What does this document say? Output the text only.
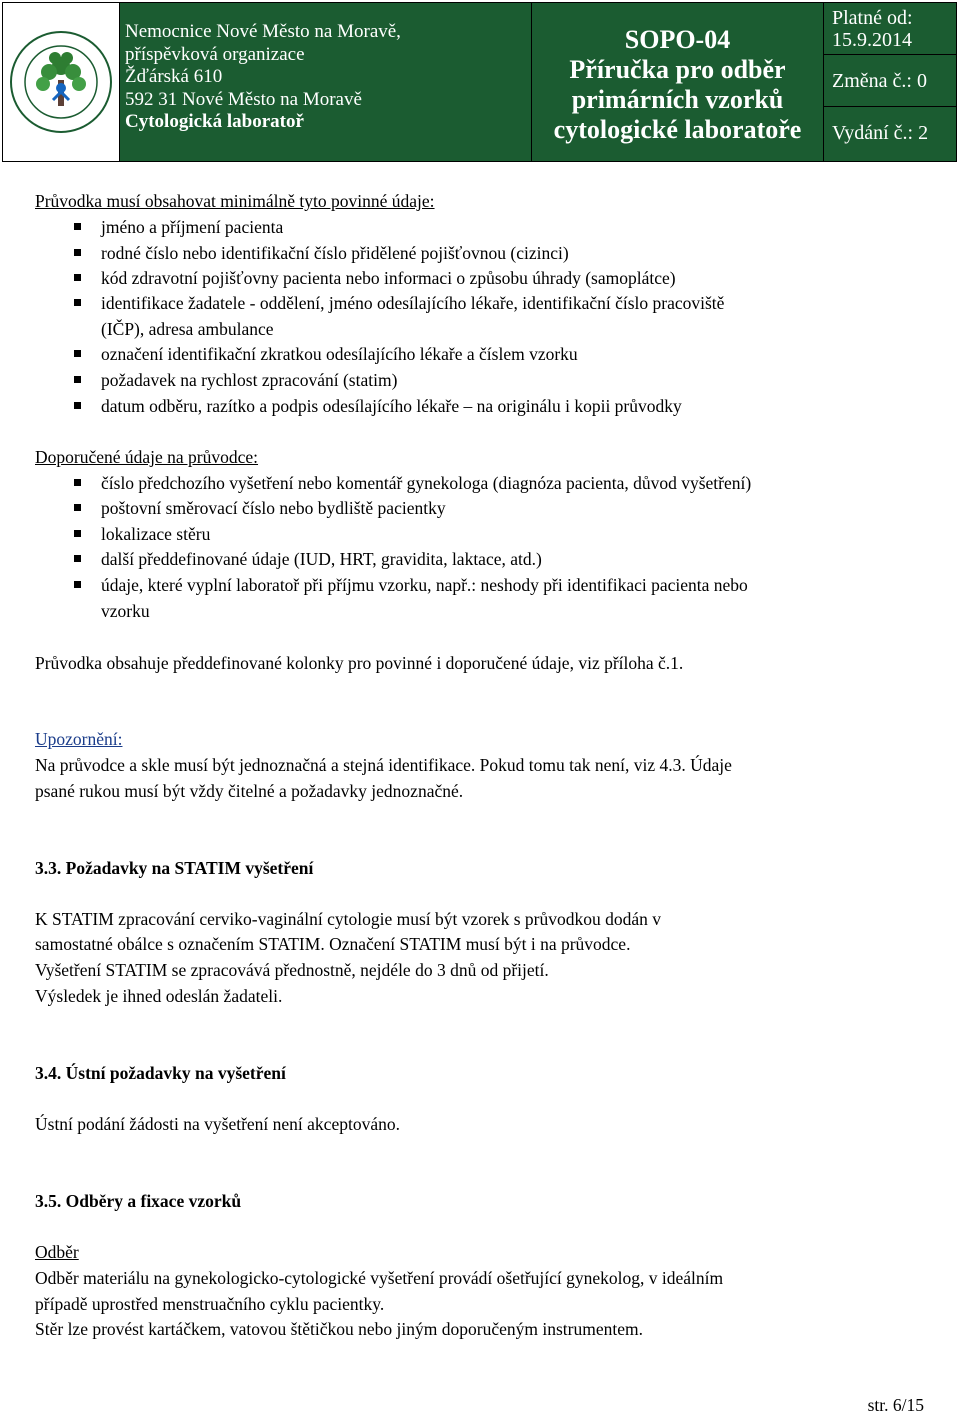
Nemocnice Nové Město na Moravě,
příspěvková organizace
Žďárská 610
592 31 Nové Město na Moravě
Cytologická laboratoř
SOPO-04
Příručka pro odběr
primárních vzorků
cytologické laboratoře
Platné od:
15.9.2014
Změna č.: 0
Vydání č.: 2
Průvodka musí obsahovat minimálně tyto povinné údaje:
jméno a příjmení pacienta
rodné číslo nebo identifikační číslo přidělené pojišťovnou (cizinci)
kód zdravotní pojišťovny pacienta nebo informaci o způsobu úhrady (samoplátce)
identifikace žadatele - oddělení, jméno odesílajícího lékaře, identifikační číslo pracoviště
(IČP), adresa ambulance
označení identifikační zkratkou odesílajícího lékaře a číslem vzorku
požadavek na rychlost zpracování (statim)
datum odběru, razítko a podpis odesílajícího lékaře – na originálu i kopii průvodky
Doporučené údaje na průvodce:
číslo předchozího vyšetření nebo komentář gynekologa (diagnóza pacienta, důvod vyšetření)
poštovní směrovací číslo nebo bydliště pacientky
lokalizace stěru
další předdefinované údaje (IUD, HRT, gravidita, laktace, atd.)
údaje, které vyplní laboratoř při příjmu vzorku, např.: neshody při identifikaci pacienta nebo
vzorku
Průvodka obsahuje předdefinované kolonky pro povinné i doporučené údaje, viz příloha č.1.
Upozornění:
Na průvodce a skle musí být jednoznačná a stejná identifikace. Pokud tomu tak není, viz 4.3. Údaje
psané rukou musí být vždy čitelné a požadavky jednoznačné.
3.3. Požadavky na STATIM vyšetření
K STATIM zpracování cerviko-vaginální cytologie musí být vzorek s průvodkou dodán v
samostatné obálce s označením STATIM. Označení STATIM musí být i na průvodce.
Vyšetření STATIM se zpracovává přednostně, nejdéle do 3 dnů od přijetí.
Výsledek je ihned odeslán žadateli.
3.4. Ústní požadavky na vyšetření
Ústní podání žádosti na vyšetření není akceptováno.
3.5. Odběry a fixace vzorků
Odběr
Odběr materiálu na gynekologicko-cytologické vyšetření provádí ošetřující gynekolog, v ideálním
případě uprostřed menstruačního cyklu pacientky.
Stěr lze provést kartáčkem, vatovou štětičkou nebo jiným doporučeným instrumentem.
str. 6/15
